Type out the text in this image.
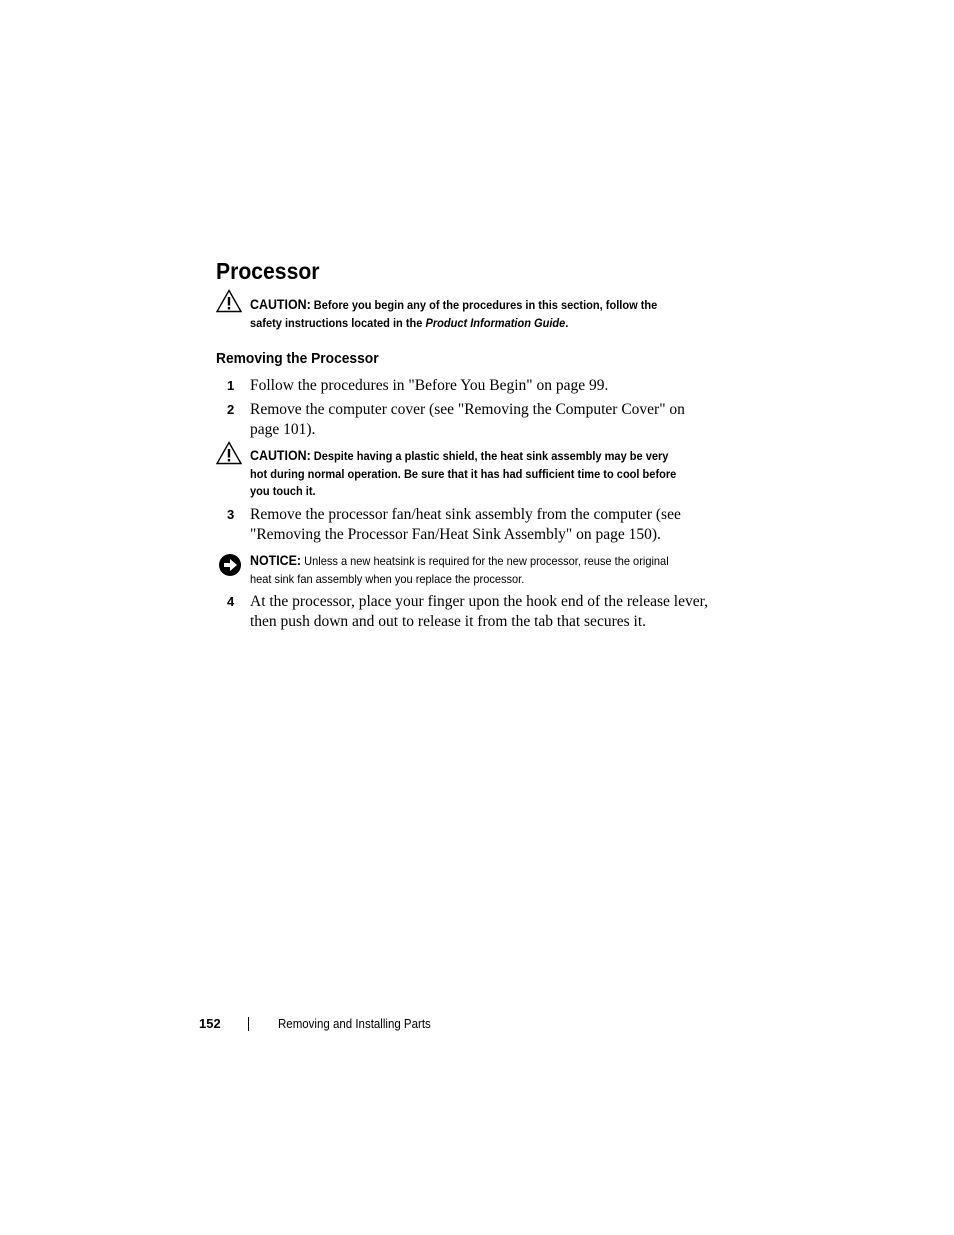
Processor
CAUTION: Before you begin any of the procedures in this section, follow the safety instructions located in the Product Information Guide.
Removing the Processor
1 Follow the procedures in "Before You Begin" on page 99.
2 Remove the computer cover (see "Removing the Computer Cover" on page 101).
CAUTION: Despite having a plastic shield, the heat sink assembly may be very hot during normal operation. Be sure that it has had sufficient time to cool before you touch it.
3 Remove the processor fan/heat sink assembly from the computer (see "Removing the Processor Fan/Heat Sink Assembly" on page 150).
NOTICE: Unless a new heatsink is required for the new processor, reuse the original heat sink fan assembly when you replace the processor.
4 At the processor, place your finger upon the hook end of the release lever, then push down and out to release it from the tab that secures it.
152	Removing and Installing Parts
